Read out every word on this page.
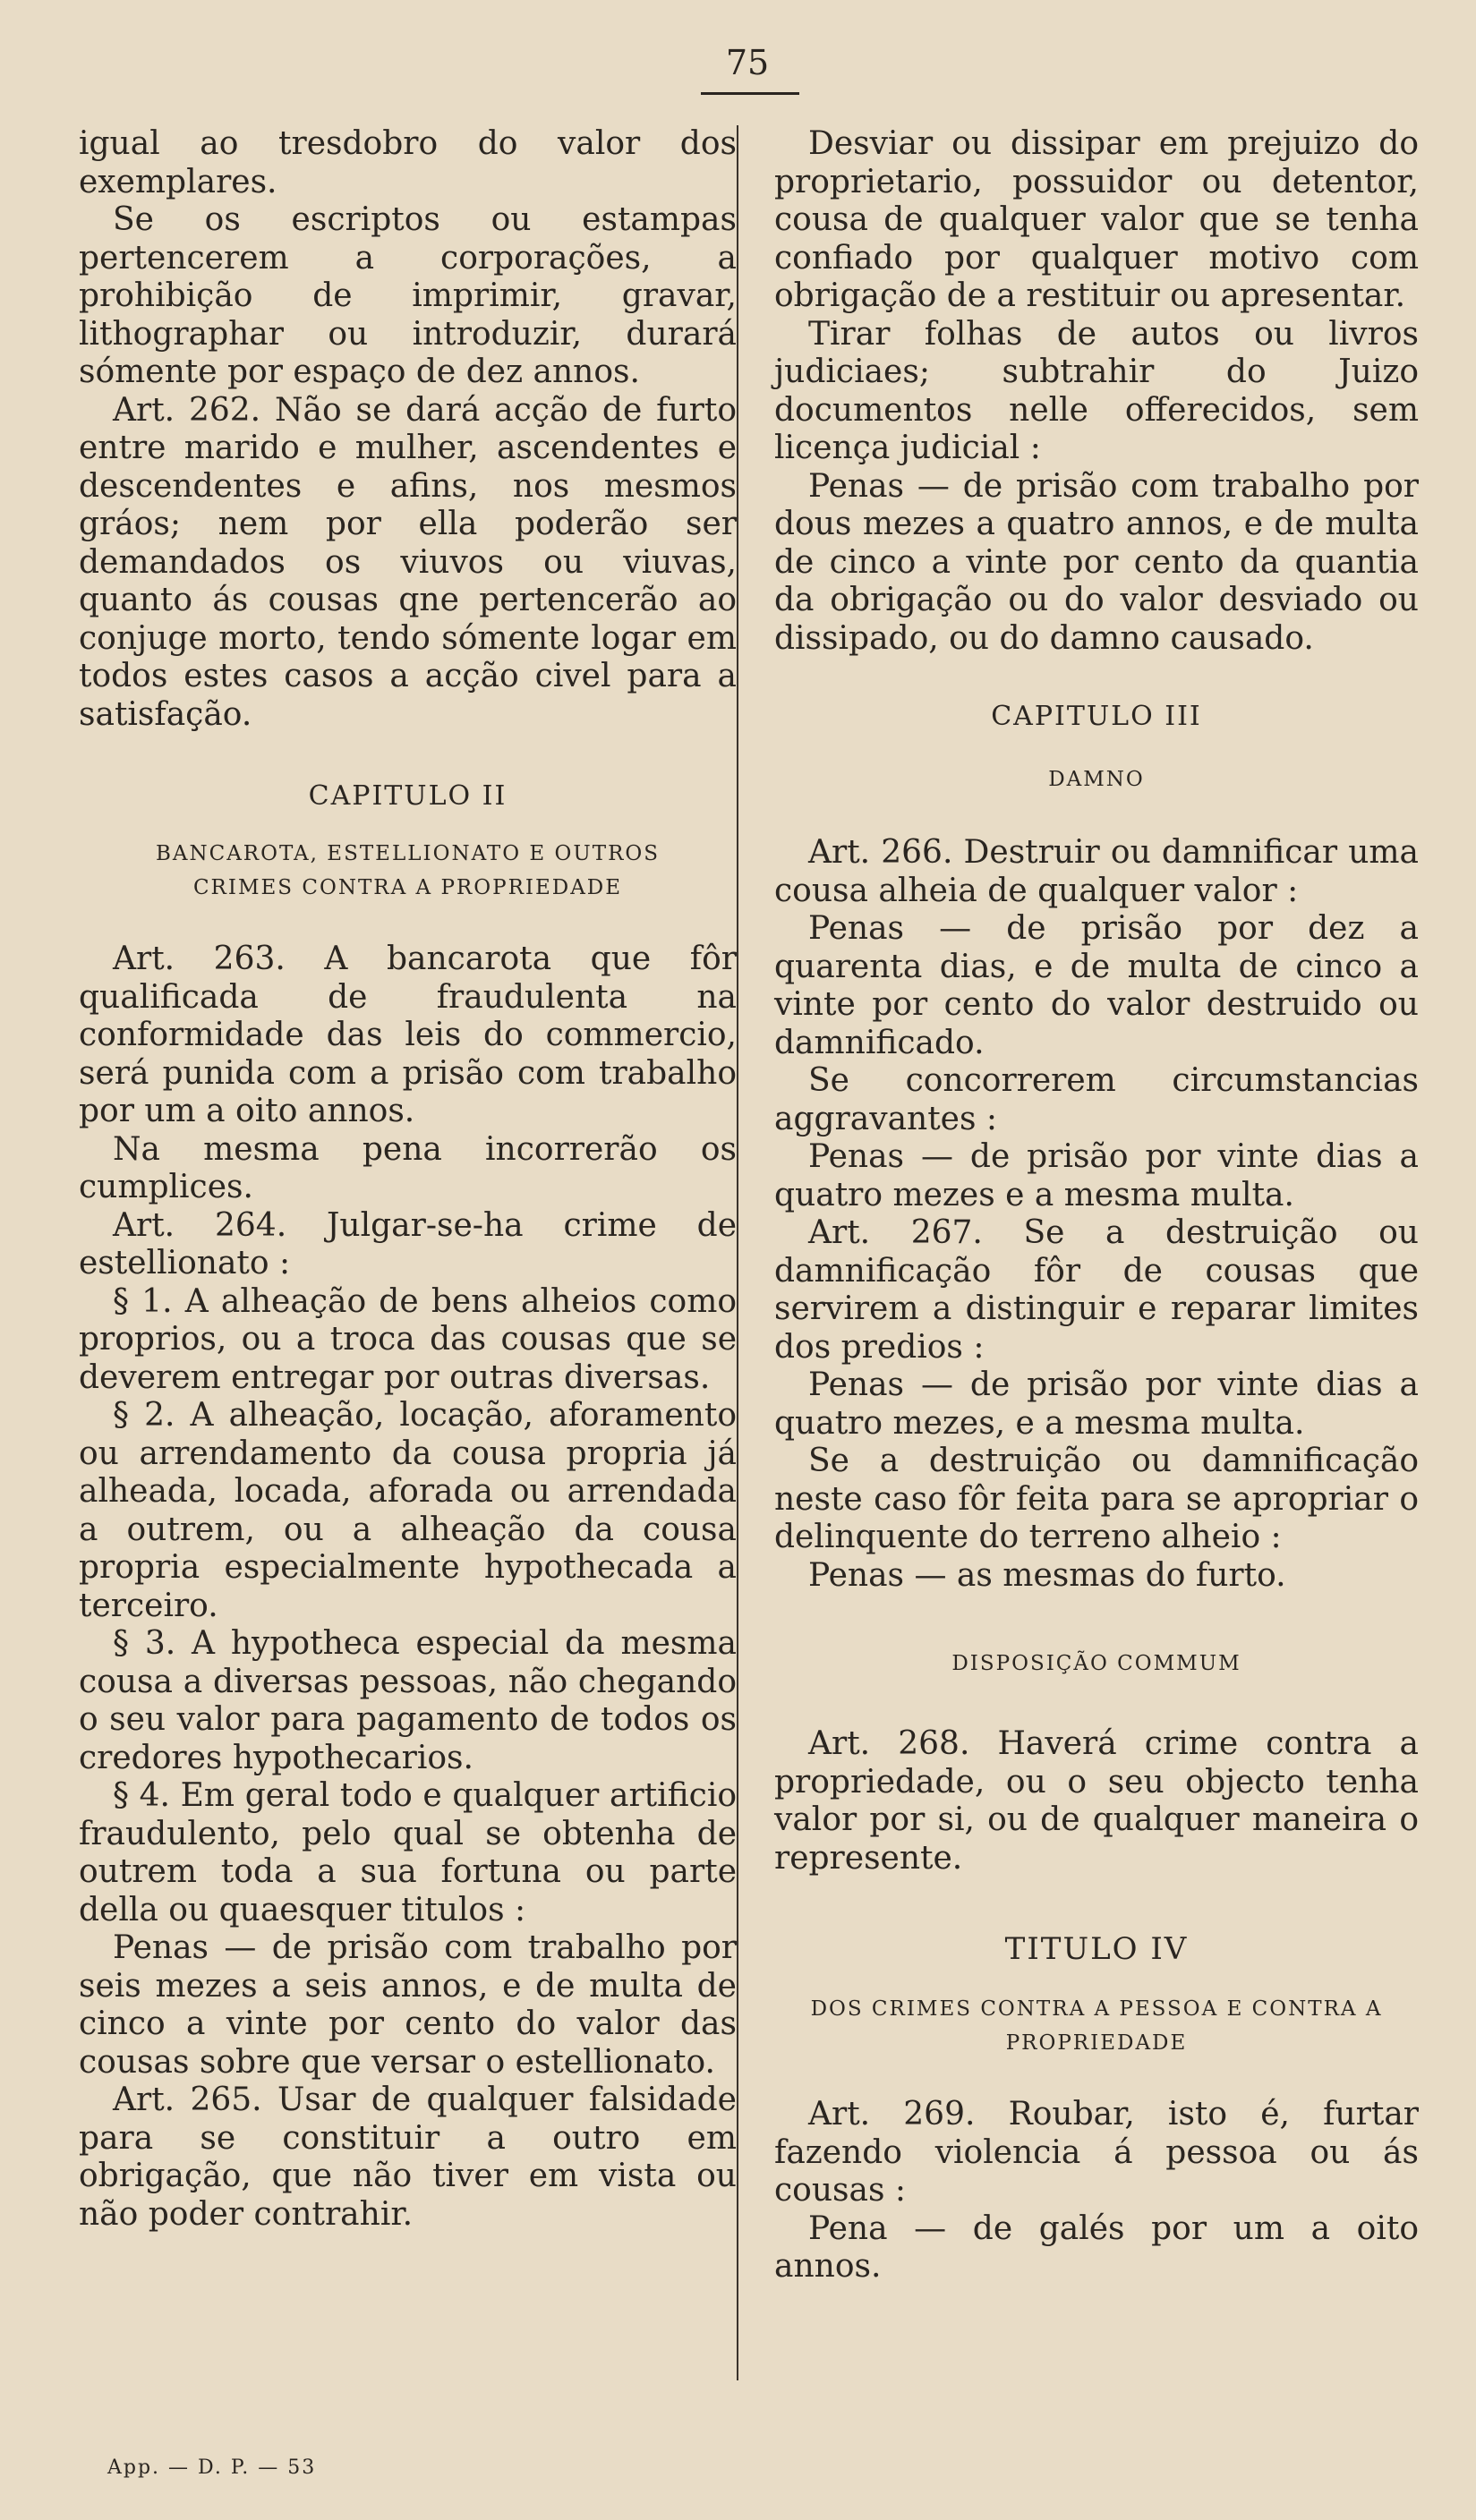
75

igual ao tresdobro do valor dos exemplares.

Se os escriptos ou estampas pertencerem a corporações, a prohibição de imprimir, gravar, lithographar ou introduzir, durará sómente por espaço de dez annos.

Art. 262. Não se dará acção de furto entre marido e mulher, ascendentes e descendentes e afins, nos mesmos gráos; nem por ella poderão ser demandados os viuvos ou viuvas, quanto ás cousas qne pertencerão ao conjuge morto, tendo sómente logar em todos estes casos a acção civel para a satisfação.

CAPITULO II

BANCAROTA, ESTELLIONATO E OUTROS CRIMES CONTRA A PROPRIEDADE

Art. 263. A bancarota que fôr qualificada de fraudulenta na conformidade das leis do commercio, será punida com a prisão com trabalho por um a oito annos.

Na mesma pena incorrerão os cumplices.

Art. 264. Julgar-se-ha crime de estellionato :

§ 1. A alheação de bens alheios como proprios, ou a troca das cousas que se deverem entregar por outras diversas.

§ 2. A alheação, locação, aforamento ou arrendamento da cousa propria já alheada, locada, aforada ou arrendada a outrem, ou a alheação da cousa propria especialmente hypothecada a terceiro.

§ 3. A hypotheca especial da mesma cousa a diversas pessoas, não chegando o seu valor para pagamento de todos os credores hypothecarios.

§ 4. Em geral todo e qualquer artificio fraudulento, pelo qual se obtenha de outrem toda a sua fortuna ou parte della ou quaesquer titulos :

Penas — de prisão com trabalho por seis mezes a seis annos, e de multa de cinco a vinte por cento do valor das cousas sobre que versar o estellionato.

Art. 265. Usar de qualquer falsidade para se constituir a outro em obrigação, que não tiver em vista ou não poder contrahir.

Desviar ou dissipar em prejuizo do proprietario, possuidor ou detentor, cousa de qualquer valor que se tenha confiado por qualquer motivo com obrigação de a restituir ou apresentar.

Tirar folhas de autos ou livros judiciaes; subtrahir do Juizo documentos nelle offerecidos, sem licença judicial :

Penas — de prisão com trabalho por dous mezes a quatro annos, e de multa de cinco a vinte por cento da quantia da obrigação ou do valor desviado ou dissipado, ou do damno causado.

CAPITULO III

DAMNO

Art. 266. Destruir ou damnificar uma cousa alheia de qualquer valor :

Penas — de prisão por dez a quarenta dias, e de multa de cinco a vinte por cento do valor destruido ou damnificado.

Se concorrerem circumstancias aggravantes :

Penas — de prisão por vinte dias a quatro mezes e a mesma multa.

Art. 267. Se a destruição ou damnificação fôr de cousas que servirem a distinguir e reparar limites dos predios :

Penas — de prisão por vinte dias a quatro mezes, e a mesma multa.

Se a destruição ou damnificação neste caso fôr feita para se apropriar o delinquente do terreno alheio :

Penas — as mesmas do furto.

DISPOSIÇÃO COMMUM

Art. 268. Haverá crime contra a propriedade, ou o seu objecto tenha valor por si, ou de qualquer maneira o represente.

TITULO IV

DOS CRIMES CONTRA A PESSOA E CONTRA A PROPRIEDADE

Art. 269. Roubar, isto é, furtar fazendo violencia á pessoa ou ás cousas :

Pena — de galés por um a oito annos.

App. — D. P. — 53
